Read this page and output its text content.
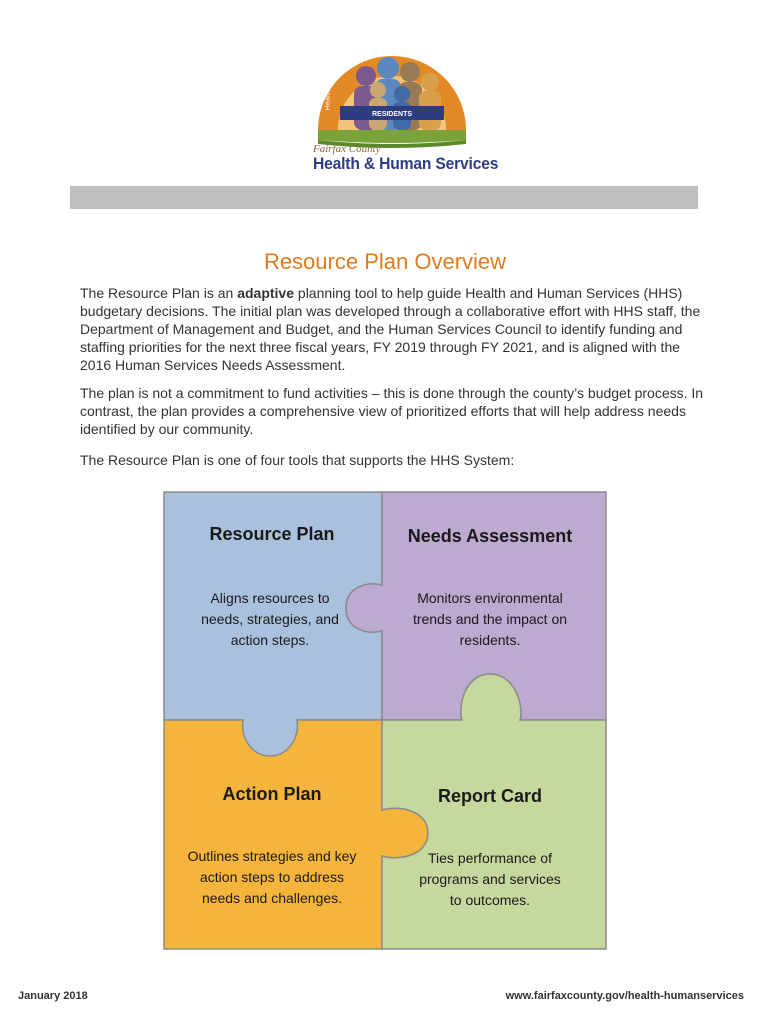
Health & Human Services Agencies Stakeholders & Partners
RESIDENTS
Fairfax County
Health & Human Services
Resource Plan Overview

The Resource Plan is an adaptive planning tool to help guide Health and Human Services (HHS) budgetary decisions. The initial plan was developed through a collaborative effort with HHS staff, the Department of Management and Budget, and the Human Services Council to identify funding and staffing priorities for the next three fiscal years, FY 2019 through FY 2021, and is aligned with the 2016 Human Services Needs Assessment.

The plan is not a commitment to fund activities – this is done through the county’s budget process. In contrast, the plan provides a comprehensive view of prioritized efforts that will help address needs identified by our community.

The Resource Plan is one of four tools that supports the HHS System:

Resource Plan
Aligns resources to
needs, strategies, and
action steps.
Needs Assessment
Monitors environmental
trends and the impact on
residents.
Action Plan
Outlines strategies and key
action steps to address
needs and challenges.
Report Card
Ties performance of
programs and services
to outcomes.
January 2018	www.fairfaxcounty.gov/health-humanservices
